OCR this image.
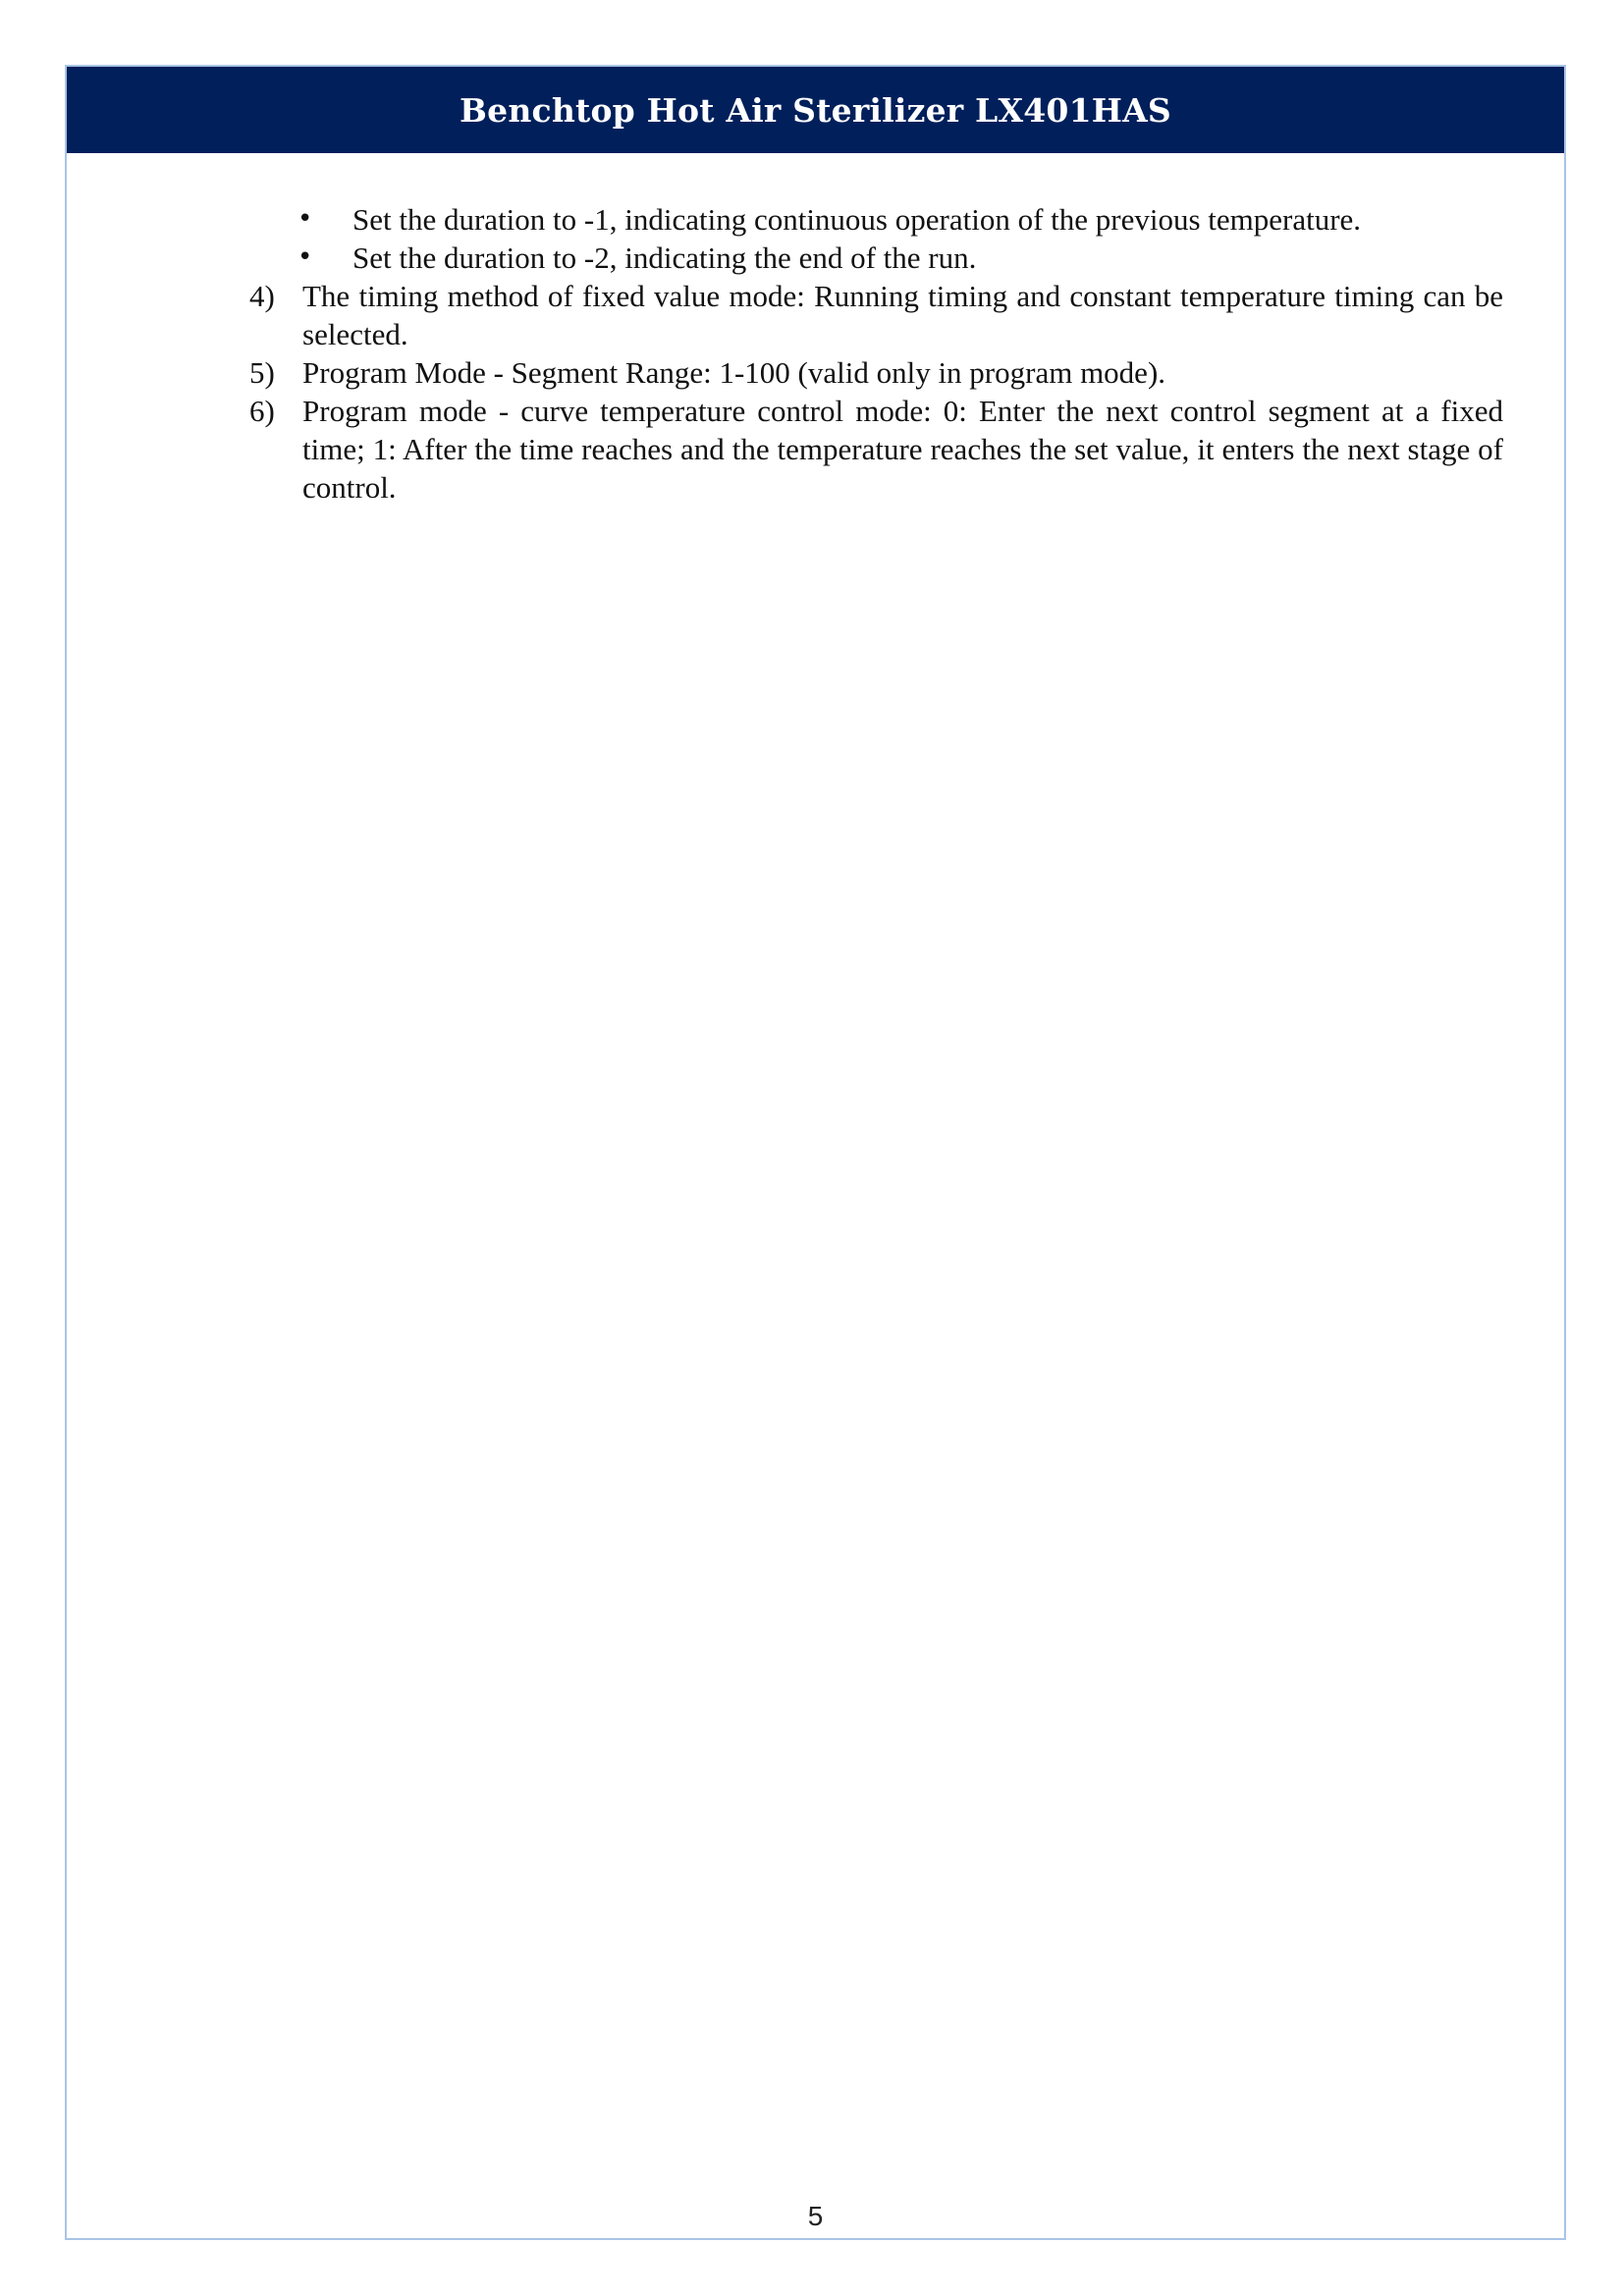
Benchtop Hot Air Sterilizer LX401HAS

• Set the duration to -1, indicating continuous operation of the previous temperature.

• Set the duration to -2, indicating the end of the run.

4) The timing method of fixed value mode: Running timing and constant temperature timing can be selected.

5) Program Mode - Segment Range: 1-100 (valid only in program mode).

6) Program mode - curve temperature control mode: 0: Enter the next control segment at a fixed time; 1: After the time reaches and the temperature reaches the set value, it enters the next stage of control.

5
